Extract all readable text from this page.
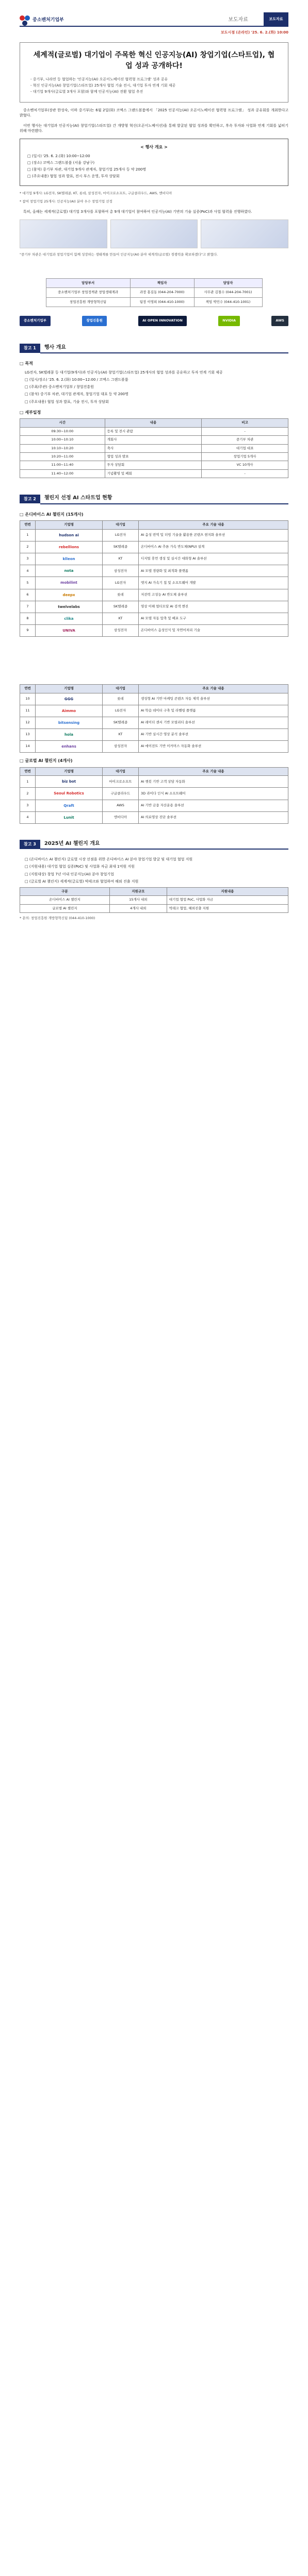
중소벤처기업부	보도자료	보도자료
보도시점 (온라인) '25. 6. 2.(화) 10:00
세계적(글로벌) 대기업이 주목한 혁신 인공지능(AI) 창업기업(스타트업), 협업 성과 공개하다!
- 중기부, 나라연 등 협업하는 '인공지능(AI) 오픈이노베이션 협력형 프로그램' 성과 공유
- 혁신 인공지능(AI) 창업기업(스타트업) 25개사 협업 기술 전시, 대기업 투자 연계 기회 제공
- 대기업 9개사(글로벌 3개사 포함)와 함께 인공지능(AI) 전환 협업 추진

중소벤처기업부(장관 한성숙, 이하 중기부)는 6월 2일(화) 코엑스 그랜드볼룸에서 「2025 인공지능(AI) 오픈이노베이션 협력형 프로그램」 성과 공유회를 개최한다고 밝혔다.

이번 행사는 대기업과 인공지능(AI) 창업기업(스타트업) 간 개방형 혁신(오픈이노베이션)을 통해 발굴된 협업 성과를 확인하고, 후속 투자와 사업화 연계 기회를 넓히기 위해 마련됐다.

< 행사 개요 >
□ (일시) '25. 6. 2.(화) 10:00~12:00
□ (장소) 코엑스 그랜드볼룸 (서울 강남구)
□ (참석) 중기부 차관, 대기업 9개사 관계자, 창업기업 25개사 등 약 200명
□ (주요내용) 협업 성과 발표, 전시 부스 운영, 투자 상담회

* 대기업 9개사: LG전자, SK텔레콤, KT, 롯데, 삼성전자, 마이크로소프트, 구글클라우드, AWS, 엔비디아

* 참여 창업기업 25개사: 인공지능(AI) 분야 우수 창업기업 선정

특히, 올해는 세계적(글로벌) 대기업 3개사를 포함하여 총 9개 대기업이 참여하여 인공지능(AI) 기반의 기술 실증(PoC)과 사업 협력을 진행하였다.

"중기부 차관은 대기업과 창업기업이 함께 성장하는 생태계를 만들어 인공지능(AI) 분야 세계적(글로벌) 경쟁력을 확보하겠다"고 밝혔다.

담당부서	책임자	담당자
중소벤처기업부 창업정책관 창업생태계과	과장 홍길동 (044-204-7000)	사무관 김철수 (044-204-7001)
창업진흥원 개방형혁신팀	팀장 이영희 (044-410-1000)	책임 박민수 (044-410-1001)
중소벤처기업부	창업진흥원	AI OPEN INNOVATION	NVIDIA	AWS
참고 1	행사 개요
□ 목적

LG전자, SK텔레콤 등 대기업(9개사)과 인공지능(AI) 창업기업(스타트업) 25개사의 협업 성과를 공유하고 투자 연계 기회 제공

□ (일시/장소) '25. 6. 2.(화) 10:00~12:00 / 코엑스 그랜드볼룸

□ (주최/주관) 중소벤처기업부 / 창업진흥원

□ (참석) 중기부 차관, 대기업 관계자, 창업기업 대표 등 약 200명

□ (주요내용) 협업 성과 발표, 기술 전시, 투자 상담회

□ 세부일정
시간	내용	비고
09:30~10:00	등록 및 전시 관람	-
10:00~10:10	개회사	중기부 차관
10:10~10:20	축사	대기업 대표
10:20~11:00	협업 성과 발표	창업기업 5개사
11:00~11:40	투자 상담회	VC 10개사
11:40~12:00	기념촬영 및 폐회	-
참고 2	챌린지 선정 AI 스타트업 현황
□ 온디바이스 AI 챌린지 (15개사)
연번	기업명	대기업	주요 기술 내용
1	hudson ai	LG전자	AI 음성 번역 및 더빙 기술을 활용한 콘텐츠 현지화 솔루션
2	rebellions	SK텔레콤	온디바이스 AI 추론 가속 반도체(NPU) 설계
3	klleon	KT	디지털 휴먼 생성 및 실시간 대화형 AI 솔루션
4	nota	삼성전자	AI 모델 경량화 및 최적화 플랫폼
5	mobilint	LG전자	엣지 AI 가속기 칩 및 소프트웨어 개발
6	deepx	롯데	저전력 고성능 AI 반도체 솔루션
7	twelvelabs	SK텔레콤	영상 이해 멀티모달 AI 검색 엔진
8	clika	KT	AI 모델 자동 압축 및 배포 도구
9	UNIVA	삼성전자	온디바이스 음성인식 및 자연어처리 기술
연번	기업명	대기업	주요 기술 내용
10	GGG	롯데	생성형 AI 기반 마케팅 콘텐츠 자동 제작 솔루션
11	Aimmo	LG전자	AI 학습 데이터 구축 및 라벨링 플랫폼
12	bitsensing	SK텔레콤	AI 레이더 센서 기반 모빌리티 솔루션
13	hola	KT	AI 기반 실시간 영상 분석 솔루션
14	enhans	삼성전자	AI 에이전트 기반 이커머스 자동화 솔루션
□ 글로벌 AI 챌린지 (4개사)
연번	기업명	대기업	주요 기술 내용
1	biz bot	마이크로소프트	AI 챗봇 기반 고객 상담 자동화
2	Seoul Robotics	구글클라우드	3D 라이다 인식 AI 소프트웨어
3	Qraft	AWS	AI 기반 금융 자산운용 솔루션
4	Lunit	엔비디아	AI 의료영상 진단 솔루션
참고 3	2025년 AI 챌린지 개요

□ (온디바이스 AI 챌린지) 글로벌 시장 선점을 위한 온디바이스 AI 분야 창업기업 발굴 및 대기업 협업 지원

□ (지원내용) 대기업 협업 실증(PoC) 및 사업화 자금 최대 1억원 지원

□ (지원대상) 창업 7년 이내 인공지능(AI) 분야 창업기업

□ (글로벌 AI 챌린지) 세계적(글로벌) 빅테크와 협업하여 해외 진출 지원

구분	지원규모	지원내용
온디바이스 AI 챌린지	15개사 내외	대기업 협업 PoC, 사업화 자금
글로벌 AI 챌린지	4개사 내외	빅테크 협업, 해외진출 지원

* 문의: 창업진흥원 개방형혁신팀 (044-410-1000)
